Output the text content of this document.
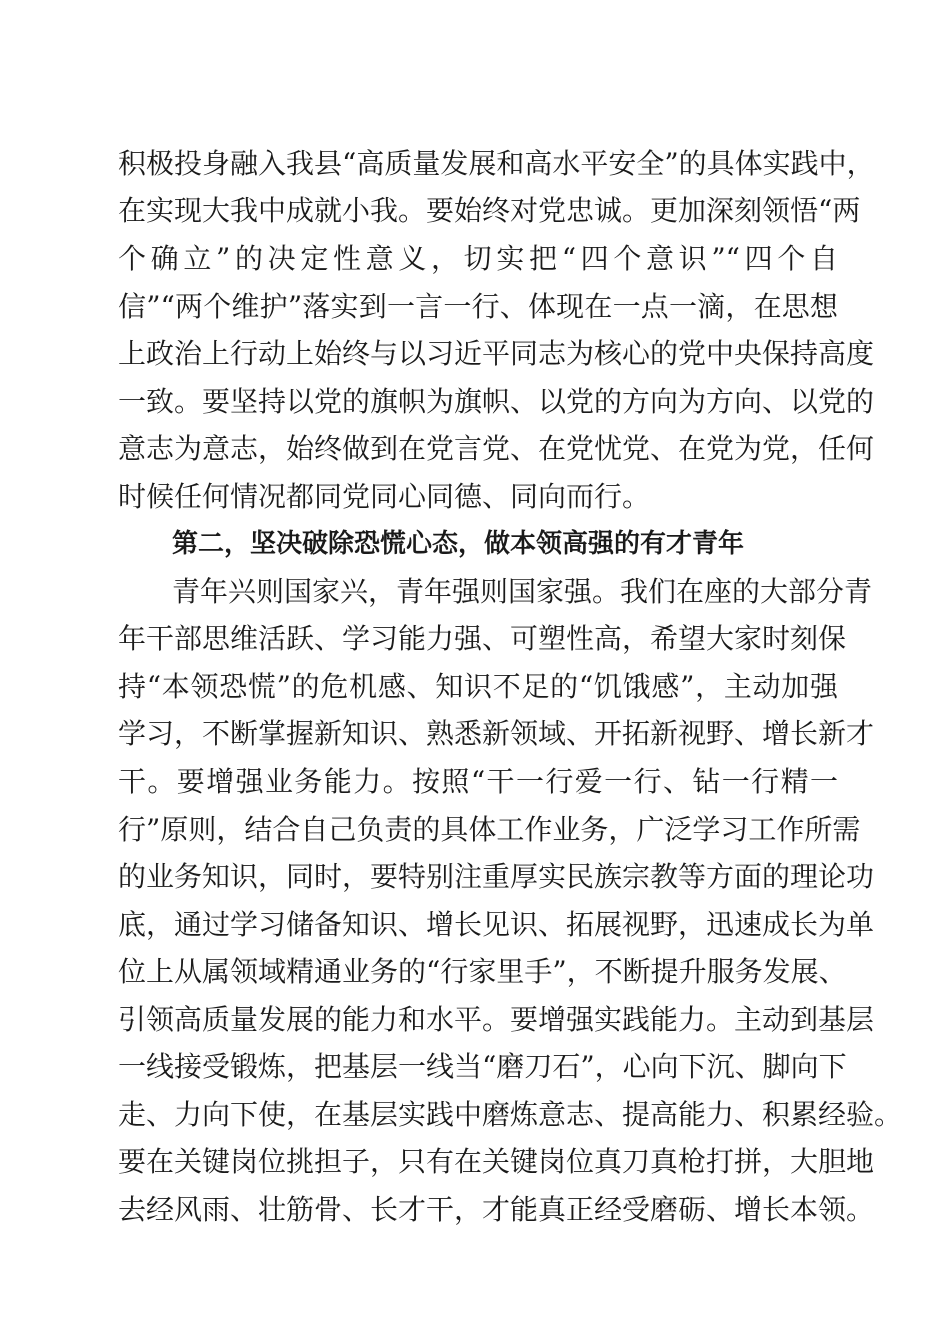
积极投身融入我县“高质量发展和高水平安全”的具体实践中，
在实现大我中成就小我。要始终对党忠诚。更加深刻领悟“两
个确立”的决定性意义，切实把“四个意识”“四个自
信”“两个维护”落实到一言一行、体现在一点一滴，在思想
上政治上行动上始终与以习近平同志为核心的党中央保持高度
一致。要坚持以党的旗帜为旗帜、以党的方向为方向、以党的
意志为意志，始终做到在党言党、在党忧党、在党为党，任何
时候任何情况都同党同心同德、同向而行。
第二，坚决破除恐慌心态，做本领高强的有才青年
青年兴则国家兴，青年强则国家强。我们在座的大部分青
年干部思维活跃、学习能力强、可塑性高，希望大家时刻保
持“本领恐慌”的危机感、知识不足的“饥饿感”，主动加强
学习，不断掌握新知识、熟悉新领域、开拓新视野、增长新才
干。要增强业务能力。按照“干一行爱一行、钻一行精一
行”原则，结合自己负责的具体工作业务，广泛学习工作所需
的业务知识，同时，要特别注重厚实民族宗教等方面的理论功
底，通过学习储备知识、增长见识、拓展视野，迅速成长为单
位上从属领域精通业务的“行家里手”，不断提升服务发展、
引领高质量发展的能力和水平。要增强实践能力。主动到基层
一线接受锻炼，把基层一线当“磨刀石”，心向下沉、脚向下
走、力向下使，在基层实践中磨炼意志、提高能力、积累经验。
要在关键岗位挑担子，只有在关键岗位真刀真枪打拼，大胆地
去经风雨、壮筋骨、长才干，才能真正经受磨砺、增长本领。
